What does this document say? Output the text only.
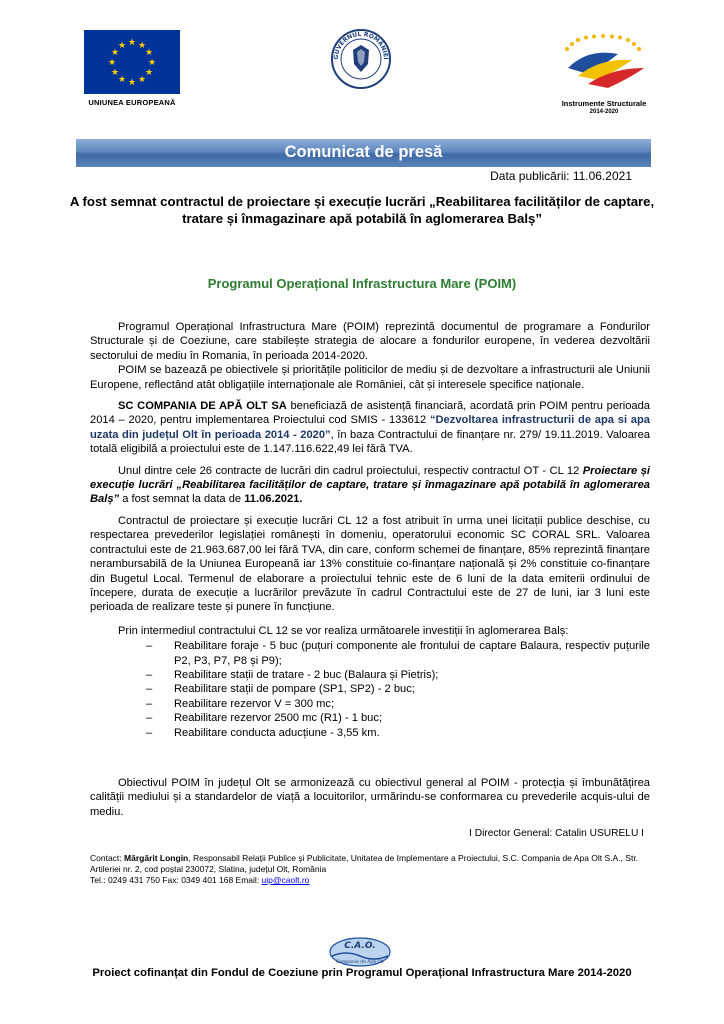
★ ★
★
★
★
★
★
★
★
★
★
★
UNIUNEA EUROPEANĂ
GUVERNUL ROMÂNIEI
Instrumente Structurale
2014-2020
Comunicat de presă
Data publicării: 11.06.2021
A fost semnat contractul de proiectare și execuție lucrări „Reabilitarea facilităților de captare, tratare și înmagazinare apă potabilă în aglomerarea Balș”
Programul Operațional Infrastructura Mare (POIM)

Programul Operațional Infrastructura Mare (POIM) reprezintă documentul de programare a Fondurilor Structurale și de Coeziune, care stabilește strategia de alocare a fondurilor europene, în vederea dezvoltării sectorului de mediu în Romania, în perioada 2014-2020.

POIM se bazează pe obiectivele și prioritățile politicilor de mediu și de dezvoltare a infrastructurii ale Uniunii Europene, reflectând atât obligațiile internaționale ale României, cât și interesele specifice naționale.

SC COMPANIA DE APĂ OLT SA beneficiază de asistență financiară, acordată prin POIM pentru perioada 2014 – 2020, pentru implementarea Proiectului cod SMIS - 133612 “Dezvoltarea infrastructurii de apa si apa uzata din județul Olt în perioada 2014 - 2020”, în baza Contractului de finanțare nr. 279/ 19.11.2019. Valoarea totală eligibilă a proiectului este de 1.147.116.622,49 lei fără TVA.

Unul dintre cele 26 contracte de lucrări din cadrul proiectului, respectiv contractul OT - CL 12 Proiectare și execuție lucrări „Reabilitarea facilităților de captare, tratare și înmagazinare apă potabilă în aglomerarea Balș” a fost semnat la data de 11.06.2021.

Contractul de proiectare și execuție lucrări CL 12 a fost atribuit în urma unei licitații publice deschise, cu respectarea prevederilor legislației românești în domeniu, operatorului economic SC CORAL SRL. Valoarea contractului este de 21.963.687,00 lei fără TVA, din care, conform schemei de finanțare, 85% reprezintă finanțare nerambursabilă de la Uniunea Europeană iar 13% constituie co-finanțare națională și 2% constituie co-finanțare din Bugetul Local. Termenul de elaborare a proiectului tehnic este de 6 luni de la data emiterii ordinului de începere, durata de execuție a lucrărilor prevăzute în cadrul Contractului este de 27 de luni, iar 3 luni este perioada de realizare teste și punere în funcțiune.

Prin intermediul contractului CL 12 se vor realiza următoarele investiții în aglomerarea Balș:

– Reabilitare foraje - 5 buc (puțuri componente ale frontului de captare Balaura, respectiv puțurile P2, P3, P7, P8 și P9);
– Reabilitare stații de tratare - 2 buc (Balaura și Pietris);
– Reabilitare stații de pompare (SP1, SP2) - 2 buc;
– Reabilitare rezervor V = 300 mc;
– Reabilitare rezervor 2500 mc (R1) - 1 buc;
– Reabilitare conducta aducțiune - 3,55 km.

Obiectivul POIM în județul Olt se armonizează cu obiectivul general al POIM - protecția și îmbunătățirea calității mediului și a standardelor de viață a locuitorilor, urmărindu-se conformarea cu prevederile acquis-ului de mediu.

I Director General: Catalin USURELU I
Contact: Mărgărit Longin, Responsabil Relații Publice și Publicitate, Unitatea de Implementare a Proiectului, S.C. Compania de Apa Olt S.A., Str. Artileriei nr. 2, cod poștal 230072, Slatina, județul Olt, România
Tel.: 0249 431 750 Fax: 0349 401 168 Email: uip@caolt.ro
C.A.O.
Compania de Apă Olt
Proiect cofinanțat din Fondul de Coeziune prin Programul Operațional Infrastructura Mare 2014-2020
